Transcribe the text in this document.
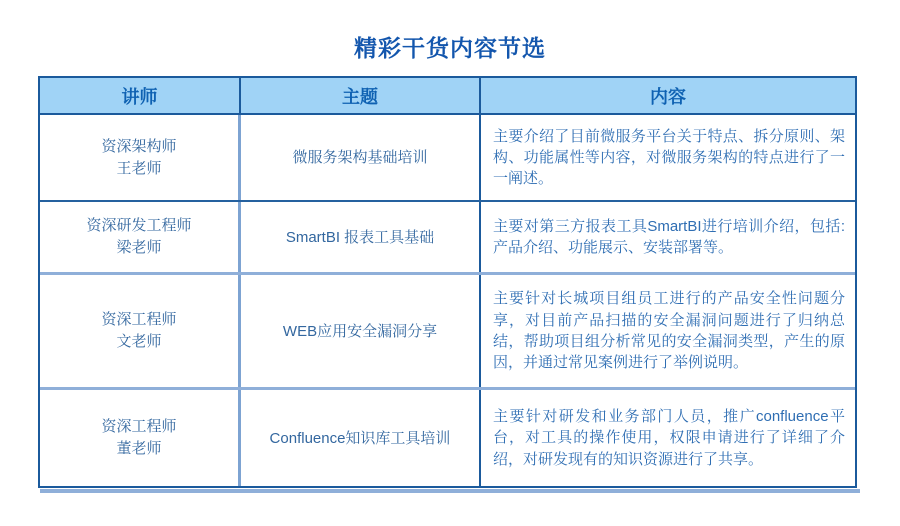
精彩干货内容节选
讲师	主题	内容
资深架构师
王老师
微服务架构基础培训
主要介绍了目前微服务平台关于特点、拆分原则、架构、功能属性等内容，对微服务架构的特点进行了一一阐述。
资深研发工程师
梁老师
SmartBI 报表工具基础
主要对第三方报表工具SmartBI进行培训介绍，包括:产品介绍、功能展示、安装部署等。
资深工程师
文老师
WEB应用安全漏洞分享
主要针对长城项目组员工进行的产品安全性问题分享，对目前产品扫描的安全漏洞问题进行了归纳总结，帮助项目组分析常见的安全漏洞类型，产生的原因，并通过常见案例进行了举例说明。
资深工程师
董老师
Confluence知识库工具培训
主要针对研发和业务部门人员，推广confluence平台，对工具的操作使用，权限申请进行了详细了介绍，对研发现有的知识资源进行了共享。
